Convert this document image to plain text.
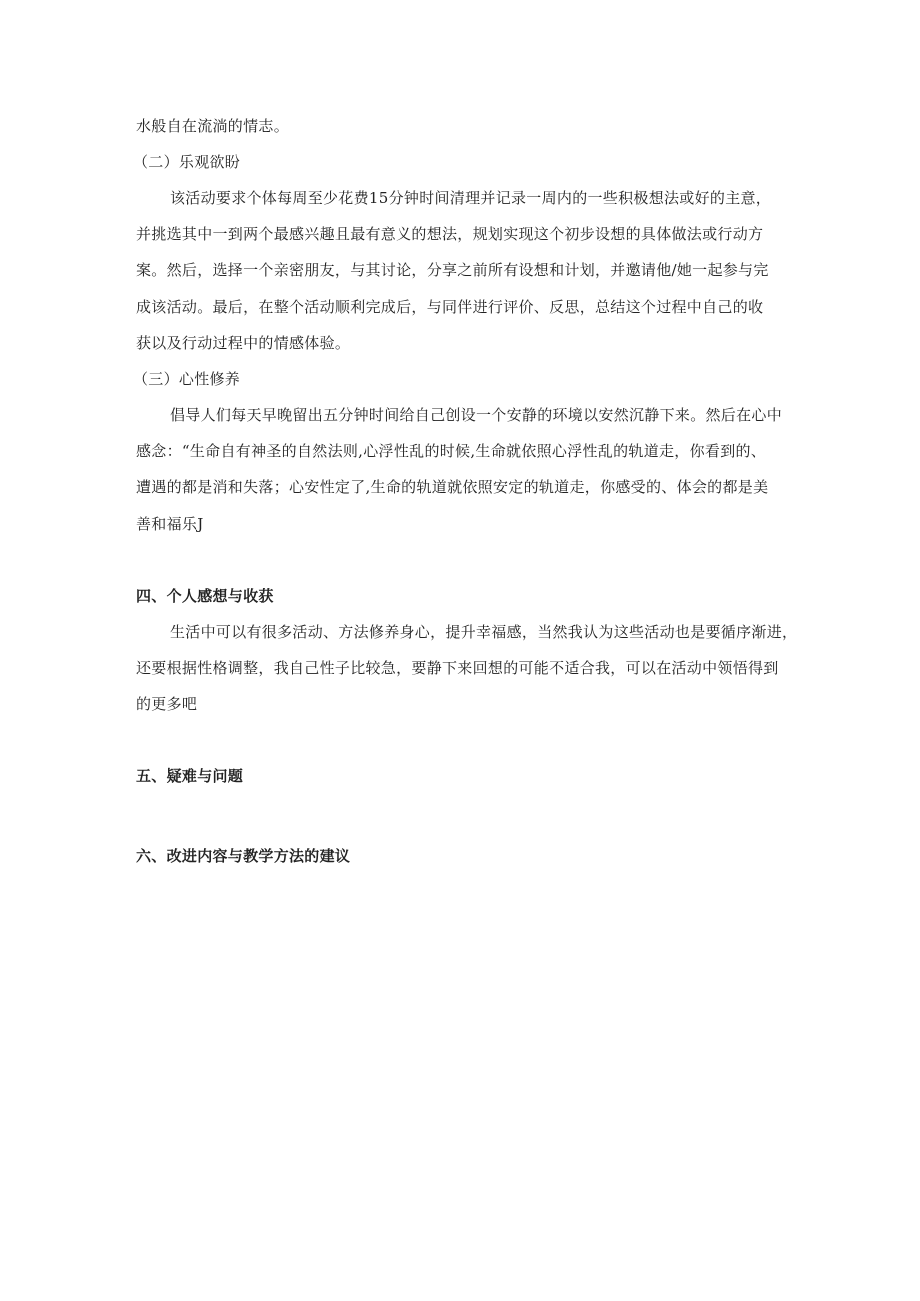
水般自在流淌的情志。
（二）乐观欲盼
该活动要求个体每周至少花费15分钟时间清理并记录一周内的一些积极想法或好的主意，
并挑选其中一到两个最感兴趣且最有意义的想法，规划实现这个初步设想的具体做法或行动方
案。然后，选择一个亲密朋友，与其讨论，分享之前所有设想和计划，并邀请他/她一起参与完
成该活动。最后，在整个活动顺利完成后，与同伴进行评价、反思，总结这个过程中自己的收
获以及行动过程中的情感体验。
（三）心性修养
倡导人们每天早晚留出五分钟时间给自己创设一个安静的环境以安然沉静下来。然后在心中
感念：“生命自有神圣的自然法则,心浮性乱的时候,生命就依照心浮性乱的轨道走，你看到的、
遭遇的都是消和失落；心安性定了,生命的轨道就依照安定的轨道走，你感受的、体会的都是美
善和福乐J
四、个人感想与收获
生活中可以有很多活动、方法修养身心，提升幸福感，当然我认为这些活动也是要循序渐进，
还要根据性格调整，我自己性子比较急，要静下来回想的可能不适合我，可以在活动中领悟得到
的更多吧
五、疑难与问题
六、改进内容与教学方法的建议
